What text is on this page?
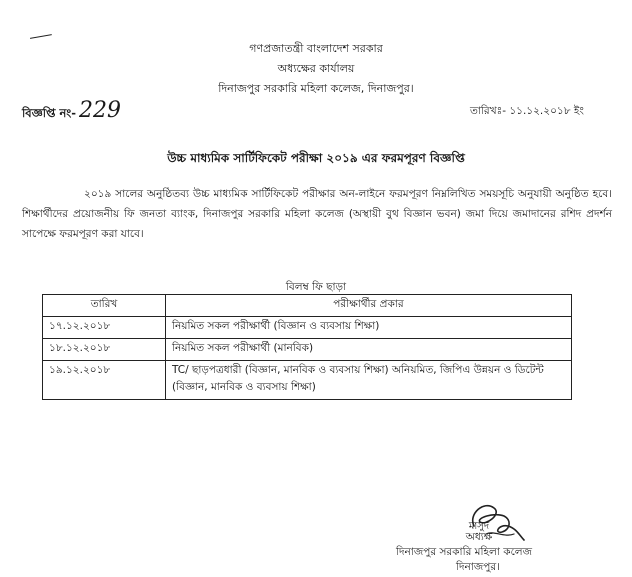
গণপ্রজাতন্ত্রী বাংলাদেশ সরকার
অধ্যক্ষের কার্যালয়
দিনাজপুর সরকারি মহিলা কলেজ, দিনাজপুর।
বিজ্ঞপ্তি নং- 229	তারিখঃ- ১১.১২.২০১৮ ইং
উচ্চ মাধ্যমিক সার্টিফিকেট পরীক্ষা ২০১৯ এর ফরমপূরণ বিজ্ঞপ্তি
২০১৯ সালের অনুষ্ঠিতব্য উচ্চ মাধ্যমিক সার্টিফিকেট পরীক্ষার অন-লাইনে ফরমপূরণ নিম্নলিখিত সময়সূচি অনুযায়ী অনুষ্ঠিত হবে। শিক্ষার্থীদের প্রয়োজনীয় ফি জনতা ব্যাংক, দিনাজপুর সরকারি মহিলা কলেজ (অস্থায়ী বুথ বিজ্ঞান ভবন) জমা দিয়ে জমাদানের রশিদ প্রদর্শন সাপেক্ষে ফরমপূরণ করা যাবে।
বিলম্ব ফি ছাড়া
তারিখ	পরীক্ষার্থীর প্রকার
১৭.১২.২০১৮	নিয়মিত সকল পরীক্ষার্থী (বিজ্ঞান ও ব্যবসায় শিক্ষা)
১৮.১২.২০১৮	নিয়মিত সকল পরীক্ষার্থী (মানবিক)
১৯.১২.২০১৮	TC/ ছাড়পত্রধারী (বিজ্ঞান, মানবিক ও ব্যবসায় শিক্ষা) অনিয়মিত, জিপিএ উন্নয়ন ও ডিটেন্ট (বিজ্ঞান, মানবিক ও ব্যবসায় শিক্ষা)
মাসুদ
অধ্যক্ষ
দিনাজপুর সরকারি মহিলা কলেজ
দিনাজপুর।
